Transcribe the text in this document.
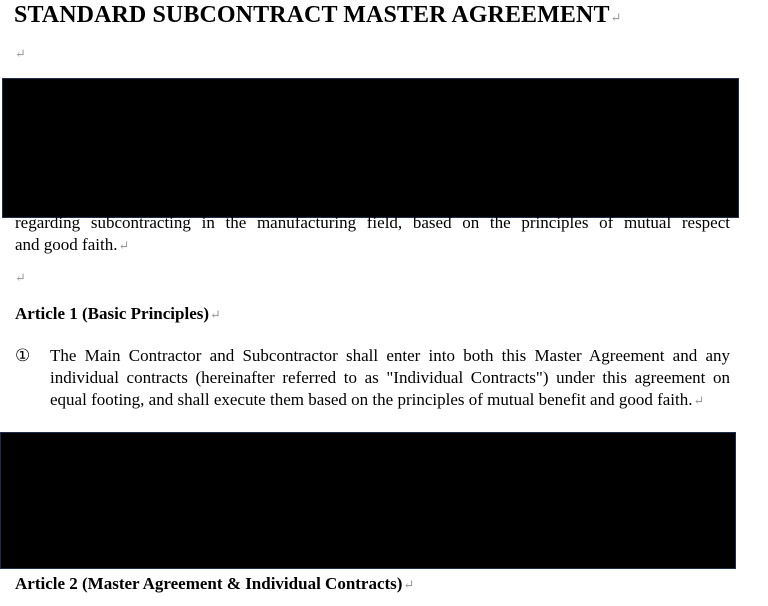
STANDARD SUBCONTRACT MASTER AGREEMENT↵
↵
regarding subcontracting in the manufacturing field, based on the principles of mutual respect
and good faith.↵
↵
Article 1 (Basic Principles)↵
① The Main Contractor and Subcontractor shall enter into both this Master Agreement and any individual contracts (hereinafter referred to as "Individual Contracts") under this agreement on equal footing, and shall execute them based on the principles of mutual benefit and good faith.↵
Article 2 (Master Agreement & Individual Contracts)↵
